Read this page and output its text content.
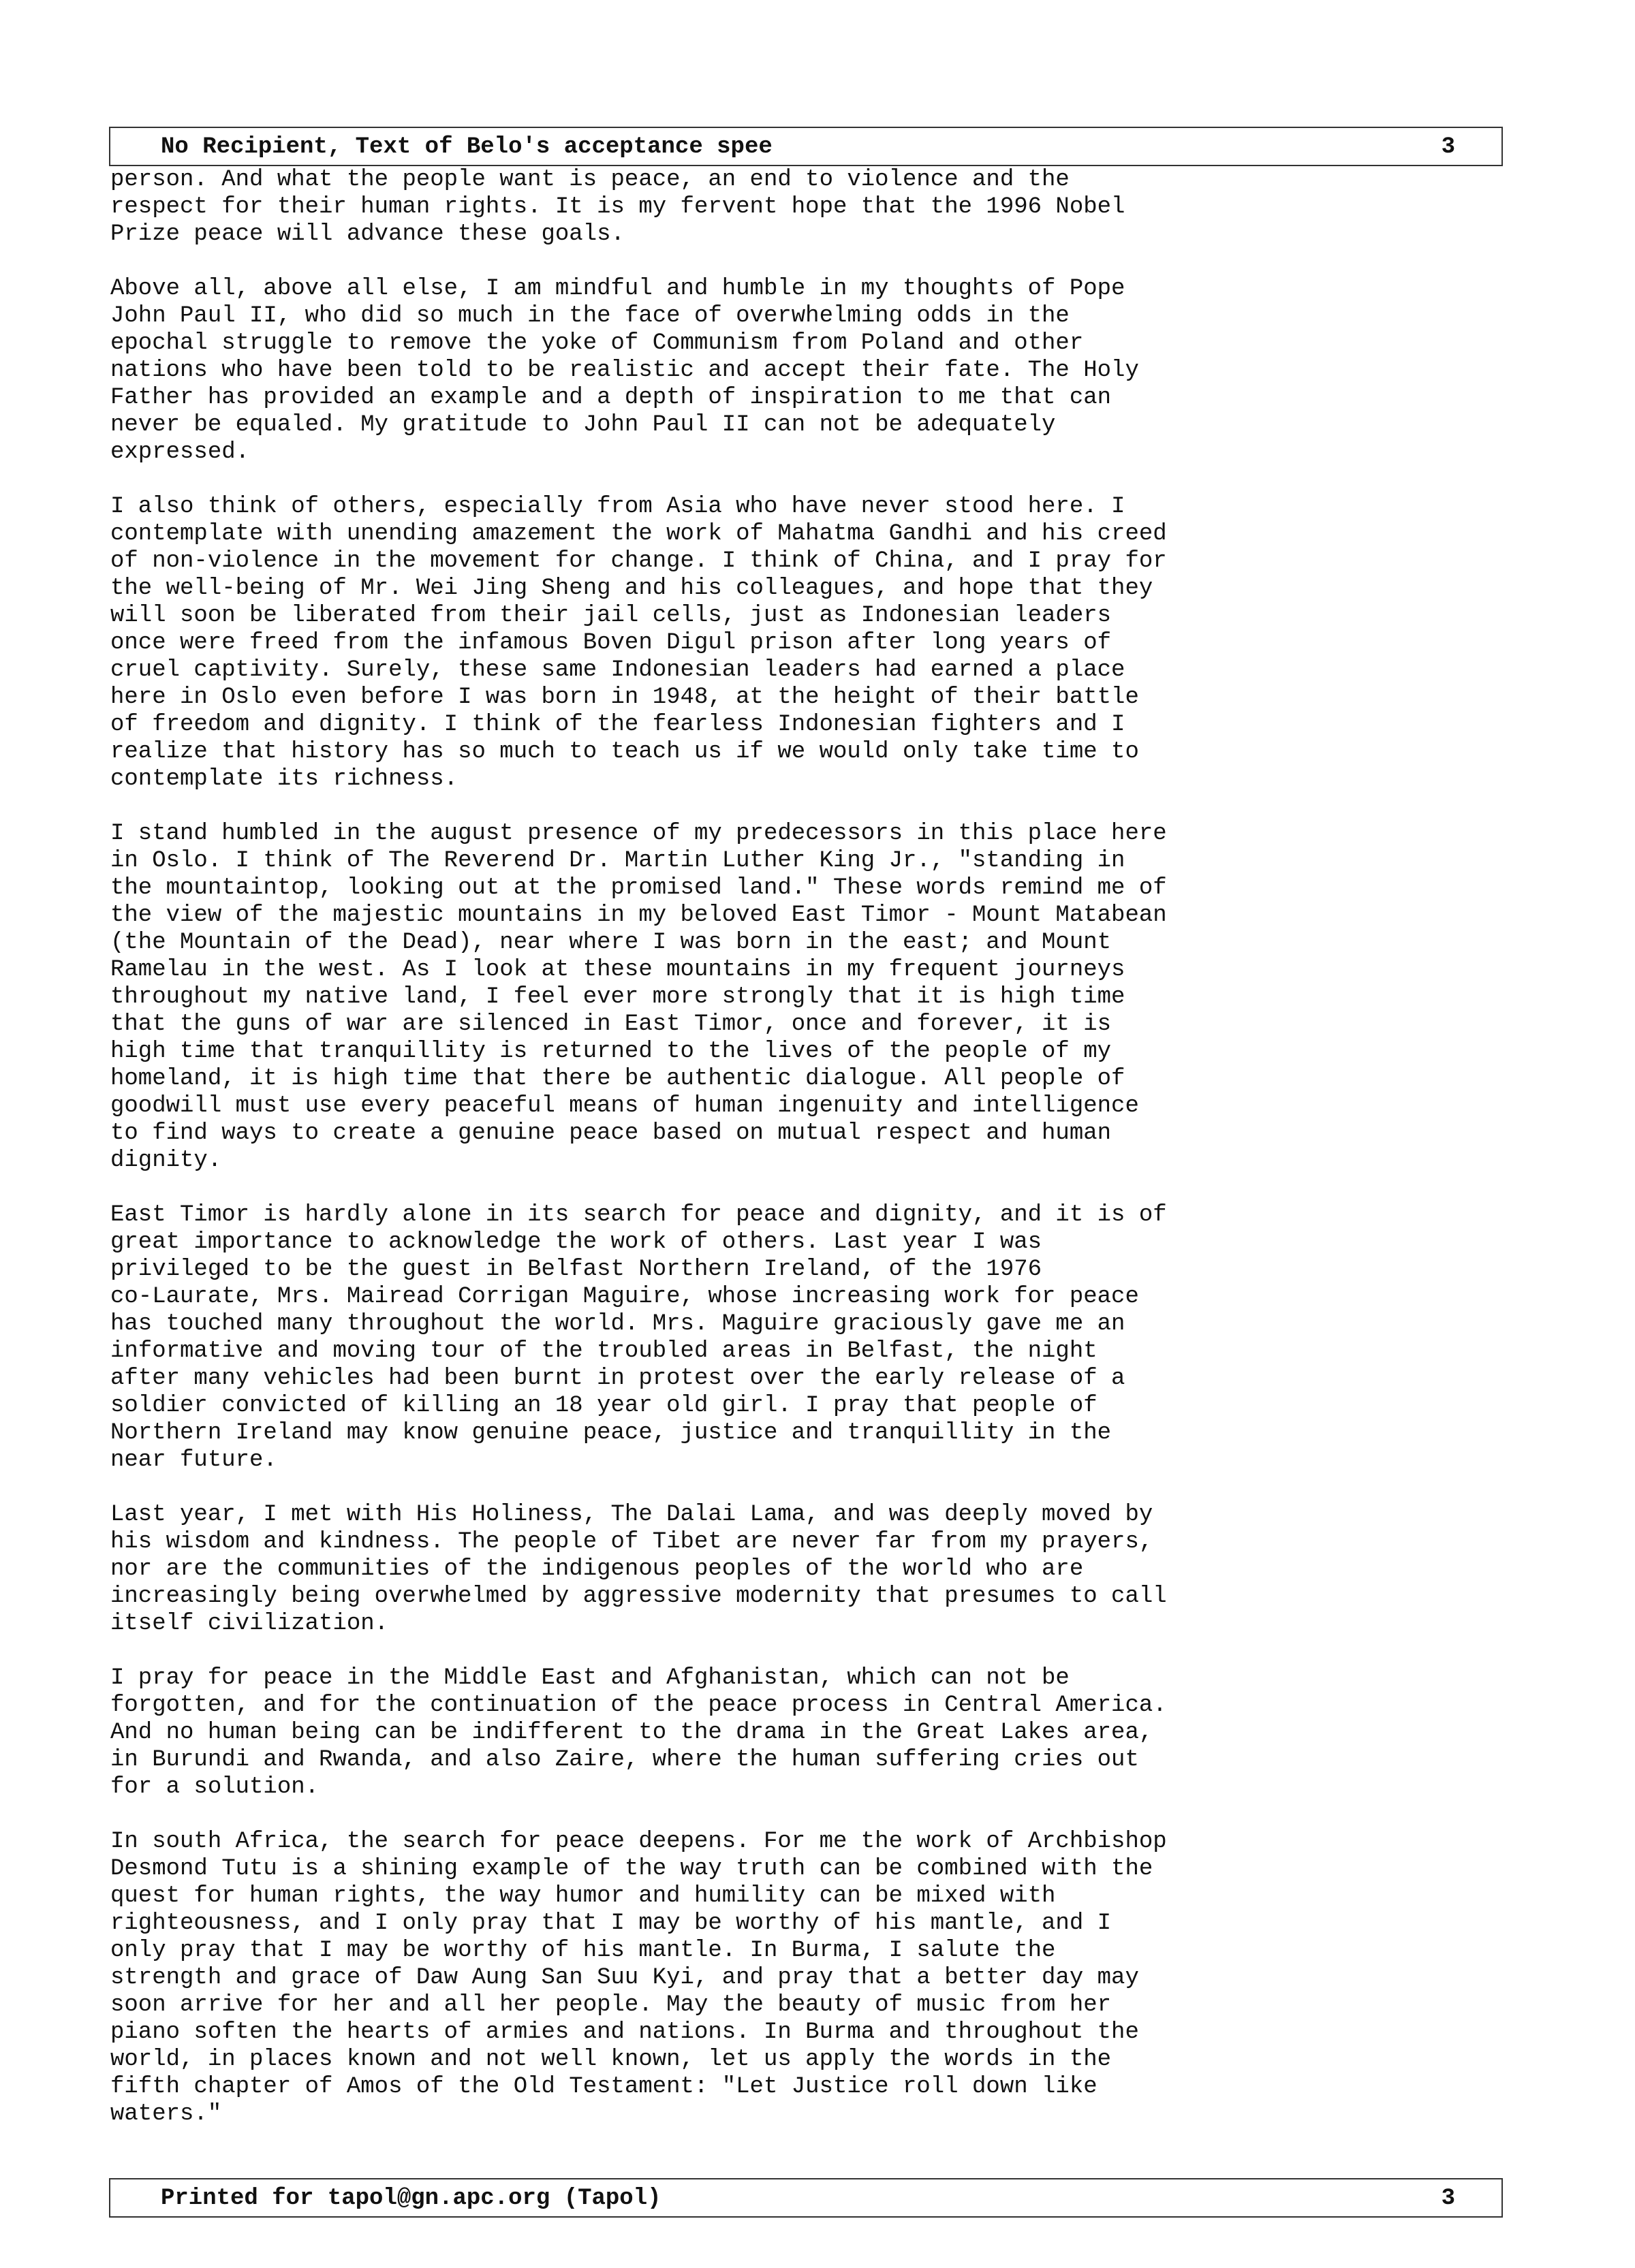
No Recipient, Text of Belo's acceptance spee	3
person. And what the people want is peace, an end to violence and the
respect for their human rights. It is my fervent hope that the 1996 Nobel
Prize peace will advance these goals.
Above all, above all else, I am mindful and humble in my thoughts of Pope
John Paul II, who did so much in the face of overwhelming odds in the
epochal struggle to remove the yoke of Communism from Poland and other
nations who have been told to be realistic and accept their fate. The Holy
Father has provided an example and a depth of inspiration to me that can
never be equaled. My gratitude to John Paul II can not be adequately
expressed.
I also think of others, especially from Asia who have never stood here. I
contemplate with unending amazement the work of Mahatma Gandhi and his creed
of non-violence in the movement for change. I think of China, and I pray for
the well-being of Mr. Wei Jing Sheng and his colleagues, and hope that they
will soon be liberated from their jail cells, just as Indonesian leaders
once were freed from the infamous Boven Digul prison after long years of
cruel captivity. Surely, these same Indonesian leaders had earned a place
here in Oslo even before I was born in 1948, at the height of their battle
of freedom and dignity. I think of the fearless Indonesian fighters and I
realize that history has so much to teach us if we would only take time to
contemplate its richness.
I stand humbled in the august presence of my predecessors in this place here
in Oslo. I think of The Reverend Dr. Martin Luther King Jr., "standing in
the mountaintop, looking out at the promised land." These words remind me of
the view of the majestic mountains in my beloved East Timor - Mount Matabean
(the Mountain of the Dead), near where I was born in the east; and Mount
Ramelau in the west. As I look at these mountains in my frequent journeys
throughout my native land, I feel ever more strongly that it is high time
that the guns of war are silenced in East Timor, once and forever, it is
high time that tranquillity is returned to the lives of the people of my
homeland, it is high time that there be authentic dialogue. All people of
goodwill must use every peaceful means of human ingenuity and intelligence
to find ways to create a genuine peace based on mutual respect and human
dignity.
East Timor is hardly alone in its search for peace and dignity, and it is of
great importance to acknowledge the work of others. Last year I was
privileged to be the guest in Belfast Northern Ireland, of the 1976
co-Laurate, Mrs. Mairead Corrigan Maguire, whose increasing work for peace
has touched many throughout the world. Mrs. Maguire graciously gave me an
informative and moving tour of the troubled areas in Belfast, the night
after many vehicles had been burnt in protest over the early release of a
soldier convicted of killing an 18 year old girl. I pray that people of
Northern Ireland may know genuine peace, justice and tranquillity in the
near future.
Last year, I met with His Holiness, The Dalai Lama, and was deeply moved by
his wisdom and kindness. The people of Tibet are never far from my prayers,
nor are the communities of the indigenous peoples of the world who are
increasingly being overwhelmed by aggressive modernity that presumes to call
itself civilization.
I pray for peace in the Middle East and Afghanistan, which can not be
forgotten, and for the continuation of the peace process in Central America.
And no human being can be indifferent to the drama in the Great Lakes area,
in Burundi and Rwanda, and also Zaire, where the human suffering cries out
for a solution.
In south Africa, the search for peace deepens. For me the work of Archbishop
Desmond Tutu is a shining example of the way truth can be combined with the
quest for human rights, the way humor and humility can be mixed with
righteousness, and I only pray that I may be worthy of his mantle, and I
only pray that I may be worthy of his mantle. In Burma, I salute the
strength and grace of Daw Aung San Suu Kyi, and pray that a better day may
soon arrive for her and all her people. May the beauty of music from her
piano soften the hearts of armies and nations. In Burma and throughout the
world, in places known and not well known, let us apply the words in the
fifth chapter of Amos of the Old Testament: "Let Justice roll down like
waters."
Printed for tapol@gn.apc.org (Tapol)	3
